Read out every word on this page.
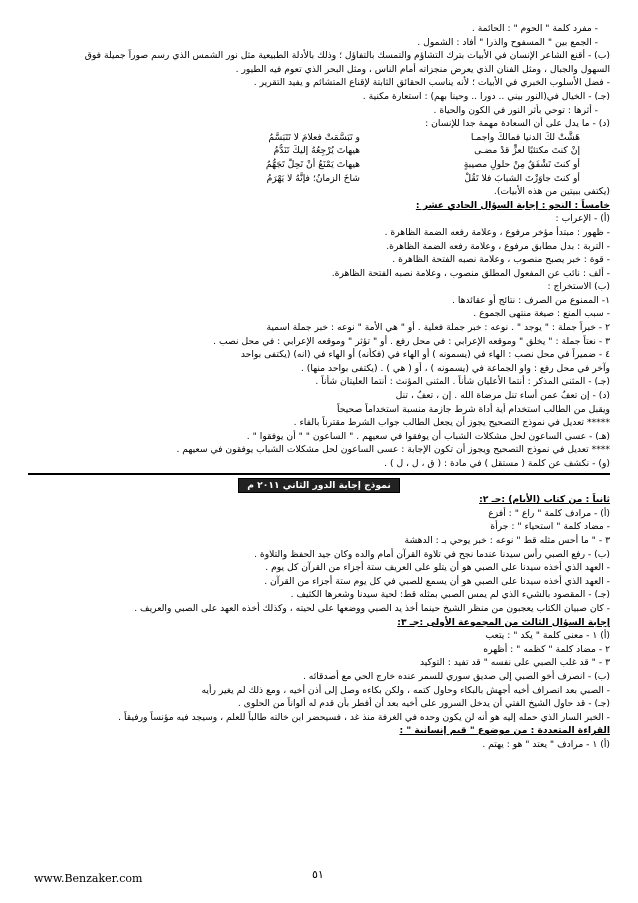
- مفرد كلمة " الحوم " : الحائمة .
- الجمع بين " المسفوح والذرا " أفاد : الشمول .
(ب) - أقنع الشاعر الإنسان في الأبيات بترك التشاؤم والتمسك بالتفاؤل ؛ وذلك بالأدلة الطبيعية مثل نور الشمس الذي رسم صوراً جميلة فوق
السهول والجبال ، ومثل الفنان الذي يعرض منجزاته أمام الناس ، ومثل البحر الذي تعوم فيه الطيور .
- فضل الأسلوب الخبري في الأبيات ؛ لأنه يناسب الحقائق الثابتة لإقناع المتشائم و يفيد التقرير .
(جـ) - الخيال في(النور بيني .. دورا .. وحينا بهم) : استعارة مكنية .
- أثرها : توحي بأثر النور في الكون والحياة .
(د) - ما يدل على أن السعادة مهمة جدا للإنسان :
هَشَّتْ لكَ الدنيا فمالكَ واجمـا
و تَبَسَّمَتْ فعلامَ لا تَتَبَسَّمُ
إنْ كنتَ مكتئبًا لعزٍّ قدْ مضـى
هيهاتَ يُرْجِعُهُ إليكَ تَنَدُّمُ
أو كنتَ تَشْفَقُ مِنْ حلولِ مصيبةٍ
هيهاتَ يَمْنَعُ أَنْ تَحِلَّ تَجَهُّمُ
أو كنتَ جاوَزْتَ الشبابَ فلا تَقُلْ
شاخَ الزمانُ؛ فإنَّهُ لا يَهْرَمُ
(يكتفى ببيتين من هذه الأبيات).
خامساً : النحو : إجابة السؤال الحادي عشر :
(أ) - الإعراب :
- ظهور : مبتدأ مؤخر مرفوع ، وعلامة رفعه الضمة الظاهرة .
- التربة : بدل مطابق مرفوع ، وعلامة رفعه الضمة الظاهرة.
- قوة : خبر يصبح منصوب ، وعلامة نصبه الفتحة الظاهرة .
- ألف : نائب عن المفعول المطلق منصوب ، وعلامة نصبه الفتحة الظاهرة.
(ب) الاستخراج :
١- الممنوع من الصرف : نتائج أو عقائدها .
- سبب المنع : صيغة منتهى الجموع .
٢ - خبراً جملة : " يوجد " . نوعه : خبر جملة فعلية . أو " هي الأمة " نوعه : خبر جملة اسمية
٣ - نعتاً جملة : " يخلق " وموقعه الإعرابي : في محل رفع . أو " تؤثر " وموقعه الإعرابي : في محل نصب .
٤ - ضميراً في محل نصب : الهاء في (يسمونه ) أو الهاء في (فكأنه) أو الهاء في (انه) (يكتفى بواحد
وآخر في محل رفع : واو الجماعة في (يسمونه ) ، أو ( هي ) . (يكتفى بواحد منها) .
(جـ) - المثنى المذكر : أنتما الأعليان شأناً . المثنى المؤنث : أنتما العليتان شأناً .
(د) - إن تعفُ عمن أساء تنل مرضاة الله . إن ، تعفُ ، تنل
ويقبل من الطالب استخدام أية أداة شرط جازمة منسبة استخداماً صحيحاً
***** تعديل في نموذج التصحيح يجوز أن يجعل الطالب جواب الشرط مقترناً بالفاء .
(هـ) - عسى الساعون لحل مشكلات الشباب أن يوفقوا في سعيهم . " الساعون " " أن يوفقوا " .
**** تعديل في نموذج التصحيح ويجوز أن تكون الإجابة : عسى الساعون لحل مشكلات الشباب يوفقون في سعيهم .
(و) - نكشف عن كلمة ( مستقل ) في مادة : ( ق ، ل ، ل ) .
نموذج إجابة الدور الثاني ٢٠١١ م
ثانياً : من كتاب (الأيام) :جـ ٢:
(أ) - مرادف كلمة " راع " : أفزع
- مضاد كلمة " استحياء " : جرأة
٣ - " ما أحس مثله قط " نوعه : خبر يوحي بـ : الدهشة
(ب) - رفع الصبي رأس سيدنا عندما نجح في تلاوة القرآن أمام والده وكان جيد الحفظ والتلاوة .
- العهد الذي أخذه سيدنا على الصبي هو أن يتلو على العريف ستة أجزاء من القرآن كل يوم .
- العهد الذي أخذه سيدنا على الصبي هو أن يسمع للصبي في كل يوم ستة أجزاء من القرآن .
(جـ) - المقصود بالشيء الذي لم يمس الصبي بمثله قط: لحية سيدنا وشعرها الكثيف .
- كان صبيان الكتاب يعجبون من منظر الشيخ حينما أخذ يد الصبي ووضعها على لحيته ، وكذلك أخذه العهد على الصبي والعريف .
إجابة السؤال الثالث من المجموعة الأولى :جـ ٣:
(أ) ١ - معنى كلمة " يكد " : يتعب
٢ - مضاد كلمة " كظمه " : أظهره
٣ - " قد غلب الصبي على نفسه " قد تفيد : التوكيد
(ب) - انصرف أخو الصبي إلى صديق سوري للسمر عنده خارج الحي مع أصدقائه .
- الصبي بعد انصراف أخيه أجهش بالبكاء وحاول كتمه ، ولكن بكاءه وصل إلى أذن أخيه ، ومع ذلك لم يغير رأيه
(جـ) - قد حاول الشيخ الفتي أن يدخل السرور على أخيه بعد أن أفطر بأن قدم له ألواناً من الحلوى .
- الخبر السار الذي حمله إليه هو أنه لن يكون وحده في الغرفة منذ غد ، فسيحضر ابن خالته طالباً للعلم ، وسيجد فيه مؤنساً ورفيقاً .
القراءة المتعددة : من موضوع " قيم إنسانية " :
(أ) ١ - مرادف " يعتد " هو : يهتم .
www.Benzaker.com	٥١
